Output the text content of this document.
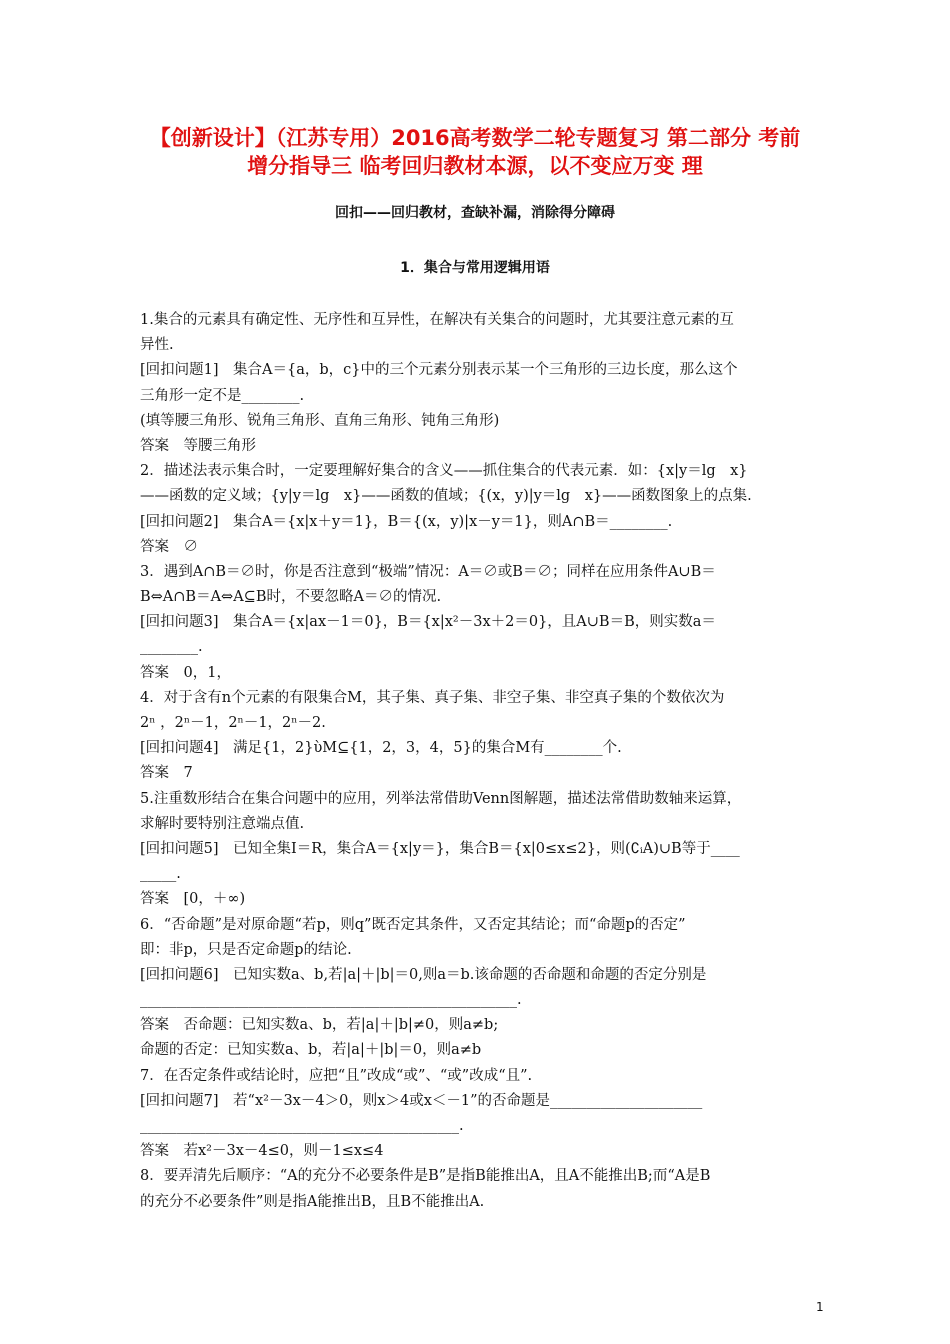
【创新设计】（江苏专用）2016高考数学二轮专题复习 第二部分 考前
增分指导三 临考回归教材本源，以不变应万变 理
回扣——回归教材，查缺补漏，消除得分障碍
1．集合与常用逻辑用语
1.集合的元素具有确定性、无序性和互异性，在解决有关集合的问题时，尤其要注意元素的互
异性.
[回扣问题1]　集合A＝{a，b，c}中的三个元素分别表示某一个三角形的三边长度，那么这个
三角形一定不是________.
(填等腰三角形、锐角三角形、直角三角形、钝角三角形)
答案　等腰三角形
2．描述法表示集合时，一定要理解好集合的含义——抓住集合的代表元素．如：{x|y＝lg　x}
——函数的定义域；{y|y＝lg　x}——函数的值域；{(x，y)|y＝lg　x}——函数图象上的点集.
[回扣问题2]　集合A＝{x|x＋y＝1}，B＝{(x，y)|x－y＝1}，则A∩B＝________.
答案　∅
3．遇到A∩B＝∅时，你是否注意到“极端”情况：A＝∅或B＝∅；同样在应用条件A∪B＝
B⇔A∩B＝A⇔A⊆B时，不要忽略A＝∅的情况.
[回扣问题3]　集合A＝{x|ax－1＝0}，B＝{x|x²－3x＋2＝0}，且A∪B＝B，则实数a＝
________.
答案　0，1，
4．对于含有n个元素的有限集合M，其子集、真子集、非空子集、非空真子集的个数依次为
2ⁿ ，2ⁿ－1，2ⁿ－1，2ⁿ－2.
[回扣问题4]　满足{1，2}ὺM⊆{1，2，3，4，5}的集合M有________个.
答案　7
5.注重数形结合在集合问题中的应用，列举法常借助Venn图解题，描述法常借助数轴来运算，
求解时要特别注意端点值.
[回扣问题5]　已知全集I＝R，集合A＝{x|y＝}，集合B＝{x|0≤x≤2}，则(∁ᵢA)∪B等于____
_____.
答案　[0，＋∞)
6．“否命题”是对原命题“若p，则q”既否定其条件，又否定其结论；而“命题p的否定”
即：非p，只是否定命题p的结论.
[回扣问题6]　已知实数a、b,若|a|＋|b|＝0,则a＝b.该命题的否命题和命题的否定分别是
____________________________________________________.
答案　否命题：已知实数a、b，若|a|＋|b|≠0，则a≠b;
命题的否定：已知实数a、b，若|a|＋|b|＝0，则a≠b
7．在否定条件或结论时，应把“且”改成“或”、“或”改成“且”.
[回扣问题7]　若“x²－3x－4＞0，则x＞4或x＜－1”的否命题是_____________________
____________________________________________.
答案　若x²－3x－4≤0，则－1≤x≤4
8．要弄清先后顺序：“A的充分不必要条件是B”是指B能推出A，且A不能推出B;而“A是B
的充分不必要条件”则是指A能推出B，且B不能推出A.
1
